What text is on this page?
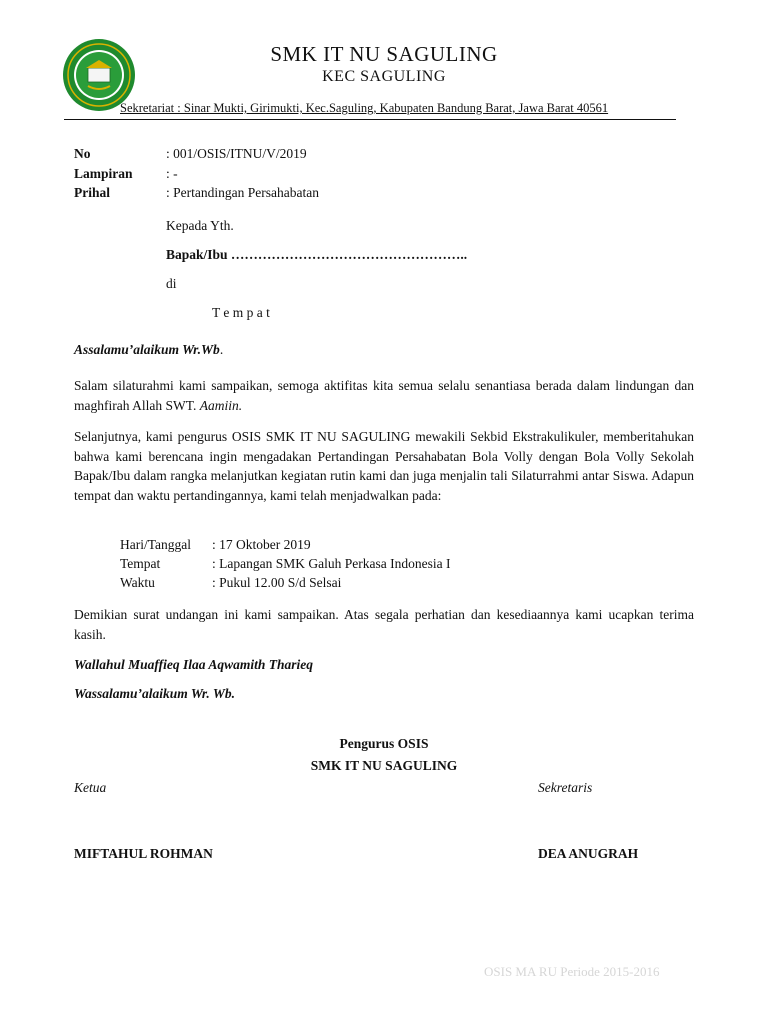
SMK IT NU SAGULING
KEC SAGULING
Sekretariat : Sinar Mukti, Girimukti, Kec.Saguling, Kabupaten Bandung Barat, Jawa Barat 40561
No	: 001/OSIS/ITNU/V/2019
Lampiran	: -
Prihal	: Pertandingan Persahabatan
Kepada Yth.
Bapak/Ibu ……………………………………………..
di
T e m p a t
Assalamu’alaikum Wr.Wb.
Salam silaturahmi kami sampaikan, semoga aktifitas kita semua selalu senantiasa berada dalam lindungan dan maghfirah Allah SWT. Aamiin.
Selanjutnya, kami pengurus OSIS SMK IT NU SAGULING mewakili Sekbid Ekstrakulikuler, memberitahukan bahwa kami berencana ingin mengadakan Pertandingan Persahabatan Bola Volly dengan Bola Volly Sekolah Bapak/Ibu dalam rangka melanjutkan kegiatan rutin kami dan juga menjalin tali Silaturrahmi antar Siswa. Adapun tempat dan waktu pertandingannya, kami telah menjadwalkan pada:
Hari/Tanggal : 17 Oktober 2019
Tempat	: Lapangan SMK Galuh Perkasa Indonesia I
Waktu	: Pukul 12.00 S/d Selsai
Demikian surat undangan ini kami sampaikan. Atas segala perhatian dan kesediaannya kami ucapkan terima kasih.
Wallahul Muaffieq Ilaa Aqwamith Tharieq
Wassalamu’alaikum Wr. Wb.
Pengurus OSIS
SMK IT NU SAGULING
Ketua	Sekretaris
MIFTAHUL ROHMAN	DEA ANUGRAH
OSIS MA RU Periode 2015-2016
